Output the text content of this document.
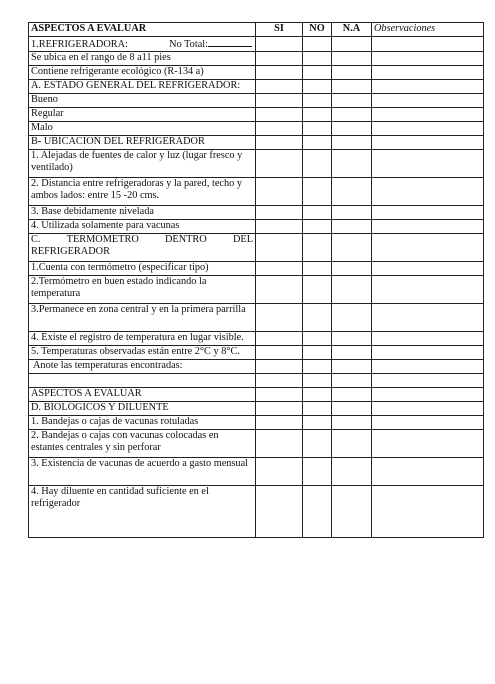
ASPECTOS A EVALUAR	SI	NO	N.A	Observaciones
1.REFRIGERADORA: No Total:				
Se ubica en el rango de 8 a11 pies				
Contiene refrigerante ecológico (R-134 a)				
A. ESTADO GENERAL DEL REFRIGERADOR:				
Bueno				
Regular				
Malo				
B- UBICACION DEL REFRIGERADOR				
1. Alejadas de fuentes de calor y luz (lugar fresco y ventilado)				
2. Distancia entre refrigeradoras y la pared, techo y ambos lados: entre 15 -20 cms.				
3. Base debidamente nivelada				
4. Utilizada solamente para vacunas				

C. TERMOMETRO DENTRO DEL
REFRIGERADOR				

1.Cuenta con termómetro (especificar tipo)				
2.Termómetro en buen estado indicando la temperatura				
3.Permanece en zona central y en la primera parrilla				
4. Existe el registro de temperatura en lugar visible.				
5. Temperaturas observadas están entre 2°C y 8°C.				
Anote las temperaturas encontradas:				

ASPECTOS A EVALUAR				
D. BIOLÓGICOS Y DILUENTE				
1. Bandejas o cajas de vacunas rotuladas				
2. Bandejas o cajas con vacunas colocadas en estantes centrales y sin perforar				
3. Existencia de vacunas de acuerdo a gasto mensual				
4. Hay diluente en cantidad suficiente en el refrigerador				
